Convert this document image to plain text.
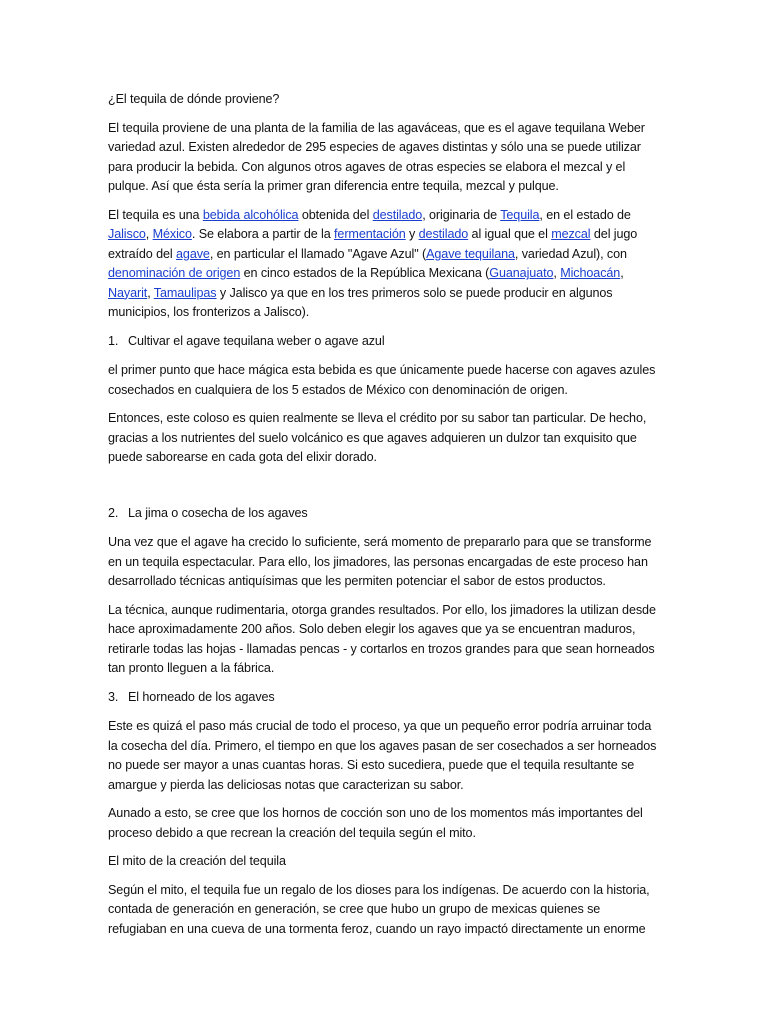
¿El tequila de dónde proviene?

El tequila proviene de una planta de la familia de las agaváceas, que es el agave tequilana Weber variedad azul. Existen alrededor de 295 especies de agaves distintas y sólo una se puede utilizar para producir la bebida. Con algunos otros agaves de otras especies se elabora el mezcal y el pulque. Así que ésta sería la primer gran diferencia entre tequila, mezcal y pulque.

El tequila es una bebida alcohólica obtenida del destilado, originaria de Tequila, en el estado de Jalisco, México. Se elabora a partir de la fermentación y destilado al igual que el mezcal del jugo extraído del agave, en particular el llamado "Agave Azul" (Agave tequilana, variedad Azul), con denominación de origen en cinco estados de la República Mexicana (Guanajuato, Michoacán, Nayarit, Tamaulipas y Jalisco ya que en los tres primeros solo se puede producir en algunos municipios, los fronterizos a Jalisco).

1. Cultivar el agave tequilana weber o agave azul

el primer punto que hace mágica esta bebida es que únicamente puede hacerse con agaves azules cosechados en cualquiera de los 5 estados de México con denominación de origen.

Entonces, este coloso es quien realmente se lleva el crédito por su sabor tan particular. De hecho, gracias a los nutrientes del suelo volcánico es que agaves adquieren un dulzor tan exquisito que puede saborearse en cada gota del elixir dorado.

2. La jima o cosecha de los agaves

Una vez que el agave ha crecido lo suficiente, será momento de prepararlo para que se transforme en un tequila espectacular. Para ello, los jimadores, las personas encargadas de este proceso han desarrollado técnicas antiquísimas que les permiten potenciar el sabor de estos productos.

La técnica, aunque rudimentaria, otorga grandes resultados. Por ello, los jimadores la utilizan desde hace aproximadamente 200 años. Solo deben elegir los agaves que ya se encuentran maduros, retirarle todas las hojas - llamadas pencas - y cortarlos en trozos grandes para que sean horneados tan pronto lleguen a la fábrica.

3. El horneado de los agaves

Este es quizá el paso más crucial de todo el proceso, ya que un pequeño error podría arruinar toda la cosecha del día. Primero, el tiempo en que los agaves pasan de ser cosechados a ser horneados no puede ser mayor a unas cuantas horas. Si esto sucediera, puede que el tequila resultante se amargue y pierda las deliciosas notas que caracterizan su sabor.

Aunado a esto, se cree que los hornos de cocción son uno de los momentos más importantes del proceso debido a que recrean la creación del tequila según el mito.

El mito de la creación del tequila

Según el mito, el tequila fue un regalo de los dioses para los indígenas. De acuerdo con la historia, contada de generación en generación, se cree que hubo un grupo de mexicas quienes se refugiaban en una cueva de una tormenta feroz, cuando un rayo impactó directamente un enorme
